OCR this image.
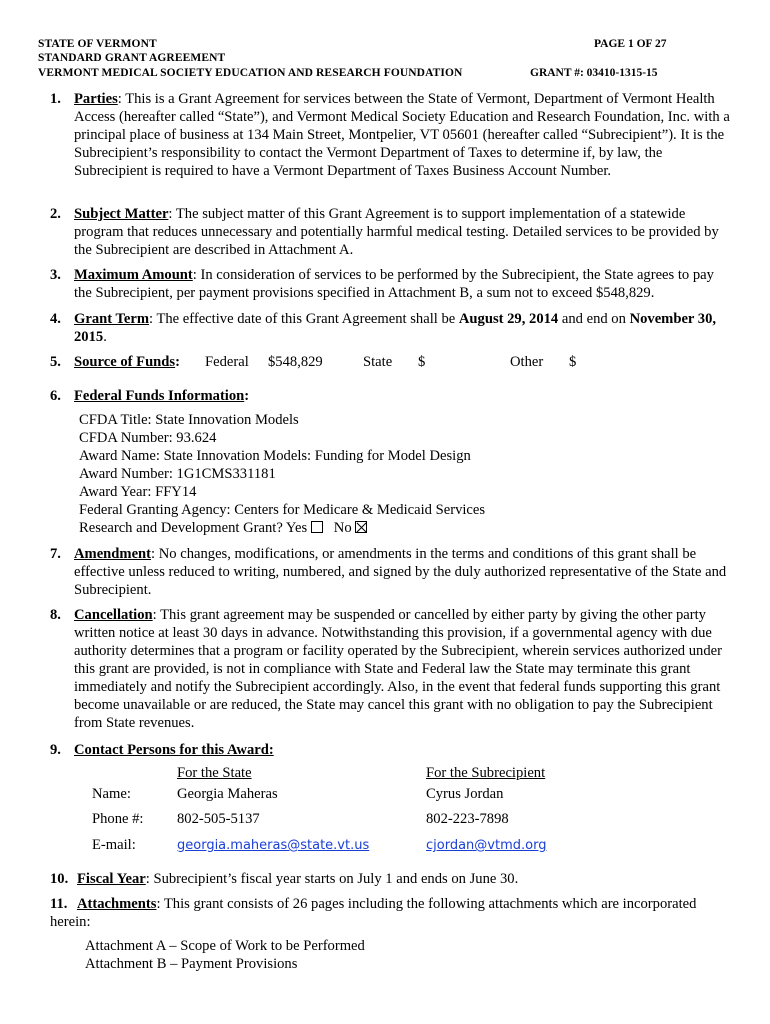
STATE OF VERMONT
STANDARD GRANT AGREEMENT
VERMONT MEDICAL SOCIETY EDUCATION AND RESEARCH FOUNDATION
PAGE 1 OF 27
GRANT #: 03410-1315-15
1. Parties: This is a Grant Agreement for services between the State of Vermont, Department of Vermont Health Access (hereafter called “State”), and Vermont Medical Society Education and Research Foundation, Inc. with a principal place of business at 134 Main Street, Montpelier, VT 05601 (hereafter called “Subrecipient”). It is the Subrecipient’s responsibility to contact the Vermont Department of Taxes to determine if, by law, the Subrecipient is required to have a Vermont Department of Taxes Business Account Number.
2. Subject Matter: The subject matter of this Grant Agreement is to support implementation of a statewide program that reduces unnecessary and potentially harmful medical testing. Detailed services to be provided by the Subrecipient are described in Attachment A.
3. Maximum Amount: In consideration of services to be performed by the Subrecipient, the State agrees to pay the Subrecipient, per payment provisions specified in Attachment B, a sum not to exceed $548,829.
4. Grant Term: The effective date of this Grant Agreement shall be August 29, 2014 and end on November 30, 2015.
5. Source of Funds:	Federal $548,829	State $	Other $
6. Federal Funds Information:
CFDA Title: State Innovation Models
CFDA Number: 93.624
Award Name: State Innovation Models: Funding for Model Design
Award Number: 1G1CMS331181
Award Year: FFY14
Federal Granting Agency: Centers for Medicare & Medicaid Services
Research and Development Grant? Yes No
7. Amendment: No changes, modifications, or amendments in the terms and conditions of this grant shall be effective unless reduced to writing, numbered, and signed by the duly authorized representative of the State and Subrecipient.
8. Cancellation: This grant agreement may be suspended or cancelled by either party by giving the other party written notice at least 30 days in advance. Notwithstanding this provision, if a governmental agency with due authority determines that a program or facility operated by the Subrecipient, wherein services authorized under this grant are provided, is not in compliance with State and Federal law the State may terminate this grant immediately and notify the Subrecipient accordingly. Also, in the event that federal funds supporting this grant become unavailable or are reduced, the State may cancel this grant with no obligation to pay the Subrecipient from State revenues.
9. Contact Persons for this Award:
For the State	For the Subrecipient
Name:	Georgia Maheras	Cyrus Jordan
Phone #: 802-505-5137	802-223-7898
E-mail:	georgia.maheras@state.vt.us	cjordan@vtmd.org
10. Fiscal Year: Subrecipient’s fiscal year starts on July 1 and ends on June 30.
11. Attachments: This grant consists of 26 pages including the following attachments which are incorporated herein:
Attachment A – Scope of Work to be Performed
Attachment B – Payment Provisions
